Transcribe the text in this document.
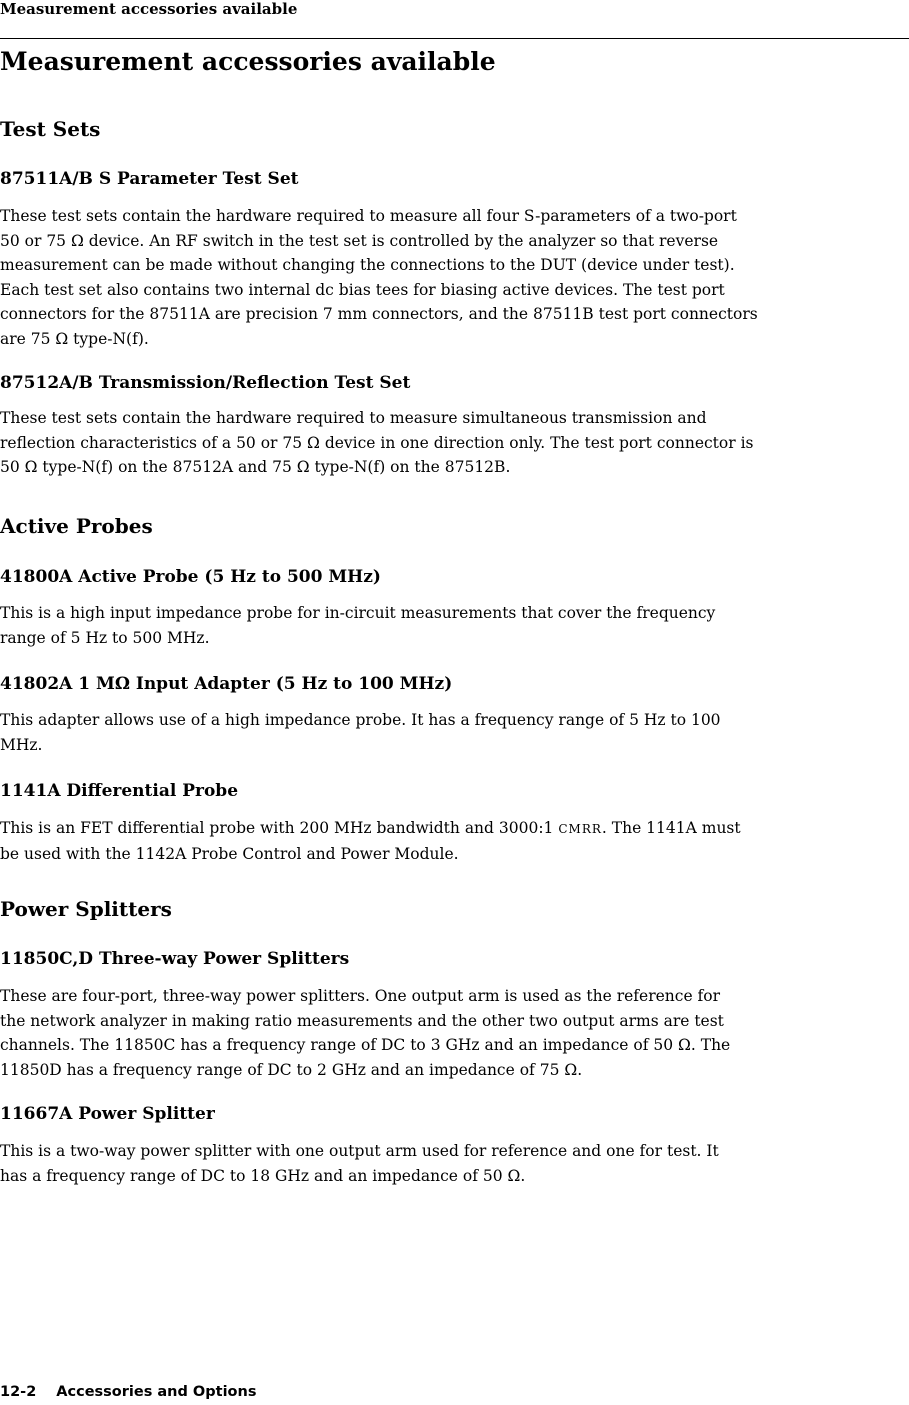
Measurement accessories available
Measurement accessories available
Test Sets
87511A/B S Parameter Test Set
These test sets contain the hardware required to measure all four S-parameters of a two-port
50 or 75 Ω device. An RF switch in the test set is controlled by the analyzer so that reverse
measurement can be made without changing the connections to the DUT (device under test).
Each test set also contains two internal dc bias tees for biasing active devices. The test port
connectors for the 87511A are precision 7 mm connectors, and the 87511B test port connectors
are 75 Ω type-N(f).
87512A/B Transmission/Reflection Test Set
These test sets contain the hardware required to measure simultaneous transmission and
reflection characteristics of a 50 or 75 Ω device in one direction only. The test port connector is
50 Ω type-N(f) on the 87512A and 75 Ω type-N(f) on the 87512B.
Active Probes
41800A Active Probe (5 Hz to 500 MHz)
This is a high input impedance probe for in-circuit measurements that cover the frequency
range of 5 Hz to 500 MHz.
41802A 1 MΩ Input Adapter (5 Hz to 100 MHz)
This adapter allows use of a high impedance probe. It has a frequency range of 5 Hz to 100
MHz.
1141A Differential Probe
This is an FET differential probe with 200 MHz bandwidth and 3000:1 CMRR. The 1141A must
be used with the 1142A Probe Control and Power Module.
Power Splitters
11850C,D Three-way Power Splitters
These are four-port, three-way power splitters. One output arm is used as the reference for
the network analyzer in making ratio measurements and the other two output arms are test
channels. The 11850C has a frequency range of DC to 3 GHz and an impedance of 50 Ω. The
11850D has a frequency range of DC to 2 GHz and an impedance of 75 Ω.
11667A Power Splitter
This is a two-way power splitter with one output arm used for reference and one for test. It
has a frequency range of DC to 18 GHz and an impedance of 50 Ω.
12-2 Accessories and Options
